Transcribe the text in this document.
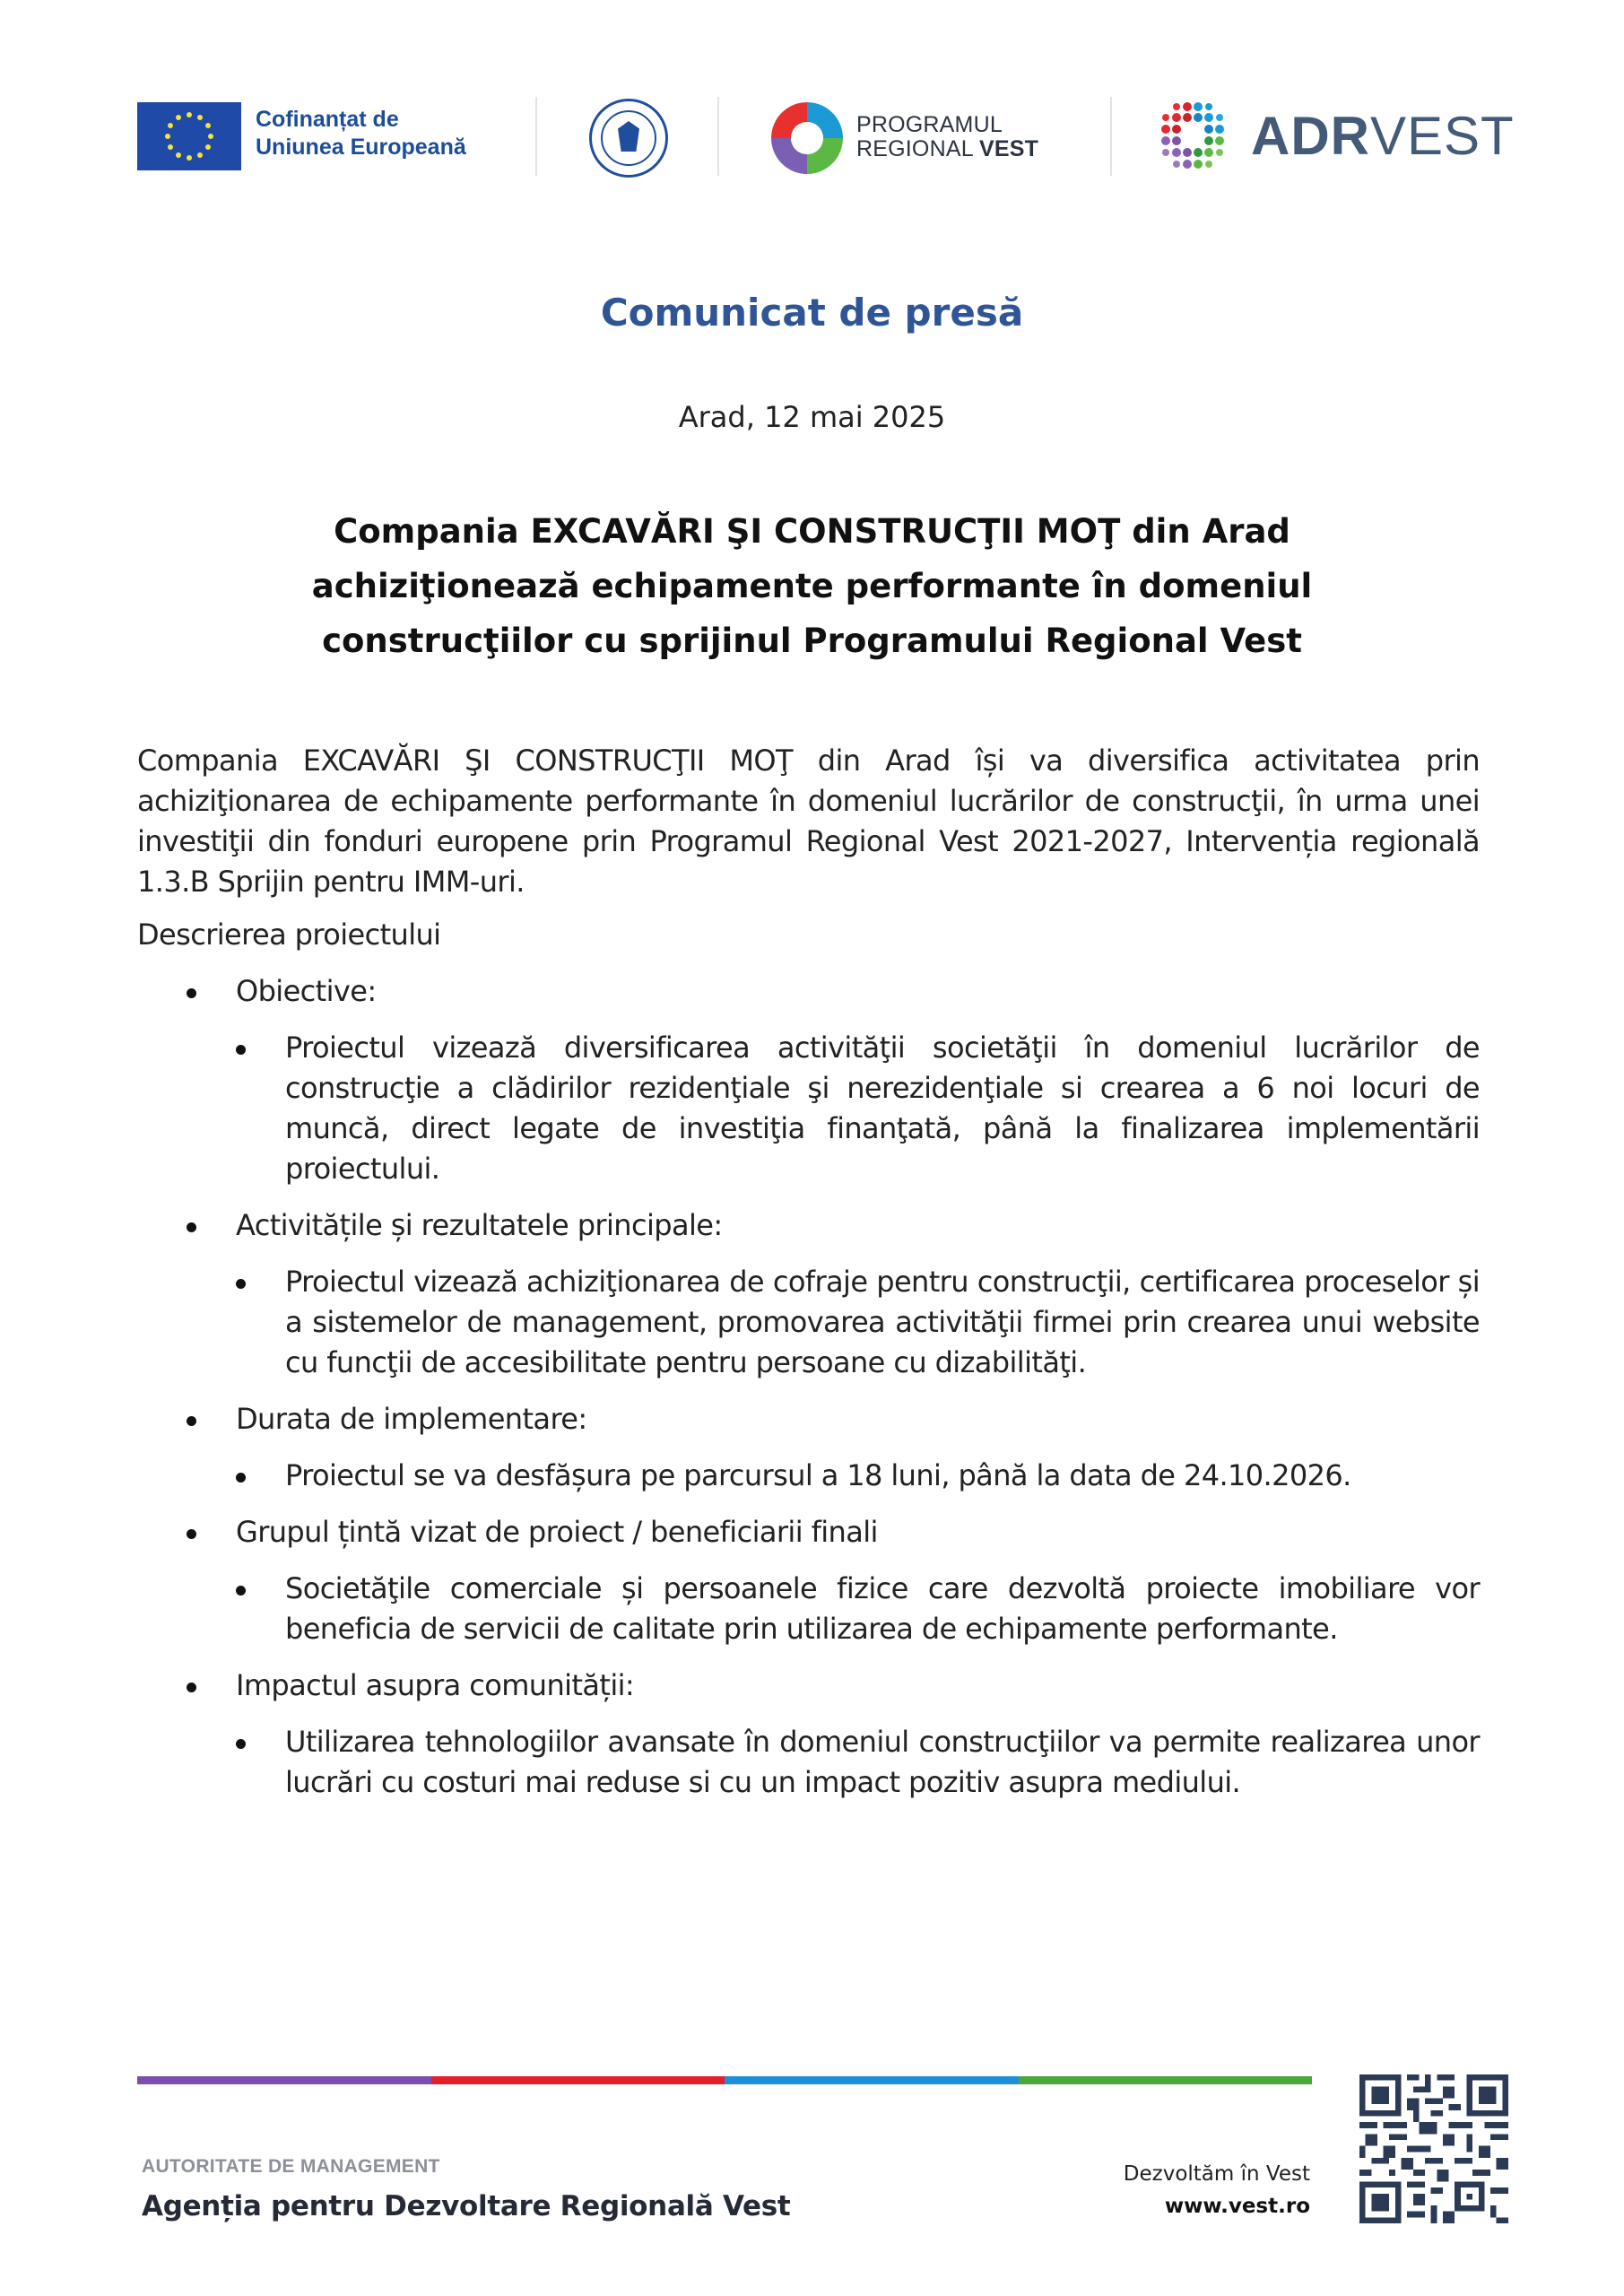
Cofinanțat de
Uniunea Europeană
PROGRAMUL
REGIONAL VEST	ADRVEST
Comunicat de presă
Arad, 12 mai 2025
Compania EXCAVĂRI ŞI CONSTRUCŢII MOŢ din Arad achiziţionează echipamente performante în domeniul construcţiilor cu sprijinul Programului Regional Vest

Compania EXCAVĂRI ŞI CONSTRUCŢII MOŢ din Arad își va diversifica activitatea prin achiziţionarea de echipamente performante în domeniul lucrărilor de construcţii, în urma unei investiţii din fonduri europene prin Programul Regional Vest 2021-2027, Intervenția regională 1.3.B Sprijin pentru IMM-uri.

Descrierea proiectului
Obiective:
Proiectul vizează diversificarea activităţii societăţii în domeniul lucrărilor de construcţie a clădirilor rezidenţiale şi nerezidenţiale si crearea a 6 noi locuri de muncă, direct legate de investiţia finanţată, până la finalizarea implementării proiectului.
Activitățile și rezultatele principale:
Proiectul vizează achiziţionarea de cofraje pentru construcţii, certificarea proceselor și a sistemelor de management, promovarea activităţii firmei prin crearea unui website cu funcţii de accesibilitate pentru persoane cu dizabilităţi.
Durata de implementare:
Proiectul se va desfășura pe parcursul a 18 luni, până la data de 24.10.2026.
Grupul țintă vizat de proiect / beneficiarii finali
Societăţile comerciale și persoanele fizice care dezvoltă proiecte imobiliare vor beneficia de servicii de calitate prin utilizarea de echipamente performante.
Impactul asupra comunității:
Utilizarea tehnologiilor avansate în domeniul construcţiilor va permite realizarea unor lucrări cu costuri mai reduse si cu un impact pozitiv asupra mediului.
AUTORITATE DE MANAGEMENT
Agenția pentru Dezvoltare Regională Vest
Dezvoltăm în Vest
www.vest.ro
